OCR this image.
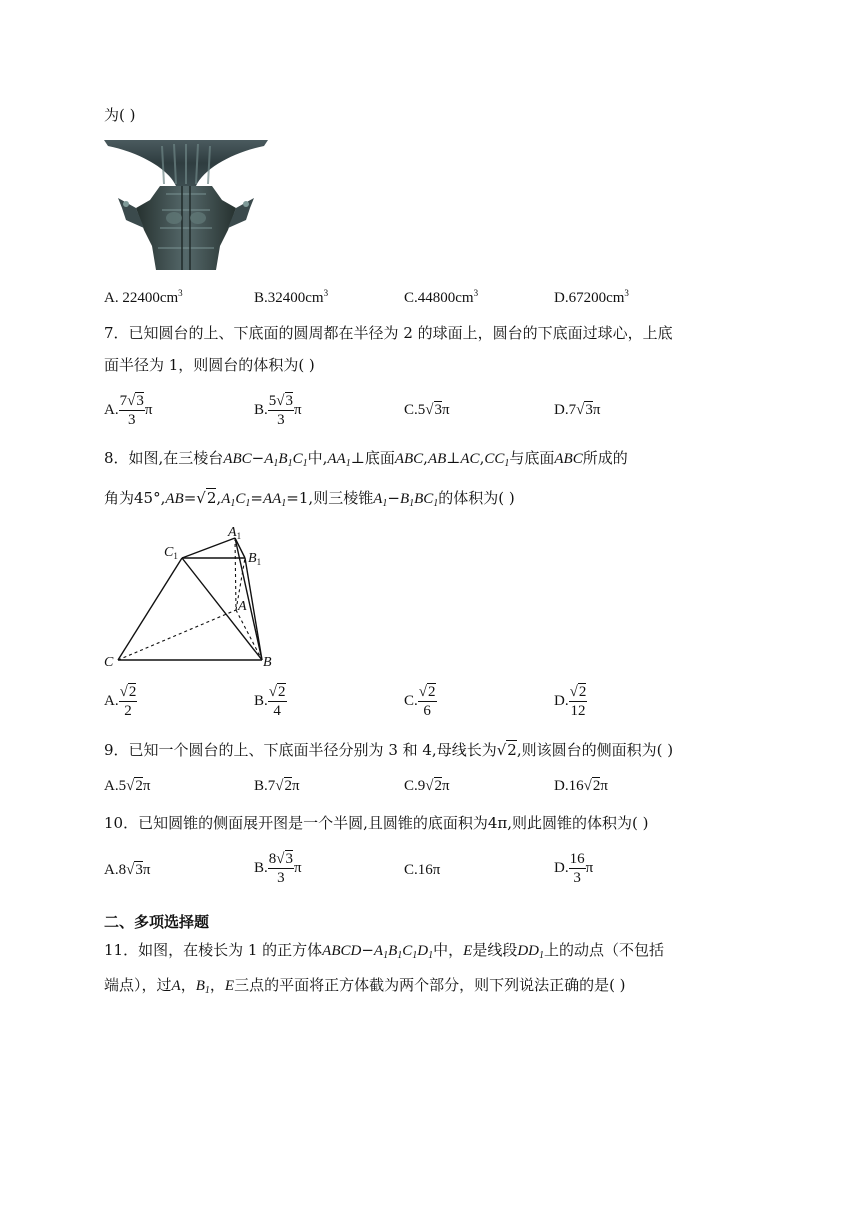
为( )
A. $22400cm^3$	$B.32400cm^3$	$C.44800cm^3$	$D.67200cm^3$
7．已知圆台的上、下底面的圆周都在半径为 2 的球面上，圆台的下底面过球心，上底
面半径为 1，则圆台的体积为( )
A. $\frac{7√3}{3}$ π	B. $\frac{5√3}{3}$ π	C.5√3π	D.7√3π
8．如图,在三棱台$ABC-A_1B_1C_1$中$,AA_1\perp$底面$ABC,AB\perp AC,CC_1$与底面ABC所成的
角为$45^\circ,AB=√2,A_1C_1=AA_1=1$,则三棱锥$A_1-B_1BC_1$的体积为( )
$A_1$
$B_1$
$C_1$
A
B
C
A. $\frac{√2}{2}$	B. $\frac{√2}{4}$	C. $\frac{√2}{6}$	D. $\frac{√2}{12}$
9．已知一个圆台的上、下底面半径分别为 3 和 4,母线长为√2,则该圆台的侧面积为( )
A.5√2π	B.7√2π	C.9√2π	D.16√2π
10．已知圆锥的侧面展开图是一个半圆,且圆锥的底面积为4π,则此圆锥的体积为( )
A.8√3π	B. $\frac{8√3}{3}$ π	C.16π	D. $\frac{16}{3}$ π
二、多项选择题
11．如图，在棱长为 1 的正方体$ABCD-A_1B_1C_1D_1$中，E是线段$DD_1$上的动点（不包括
端点），过A，$B_1$，E三点的平面将正方体截为两个部分，则下列说法正确的是( )
